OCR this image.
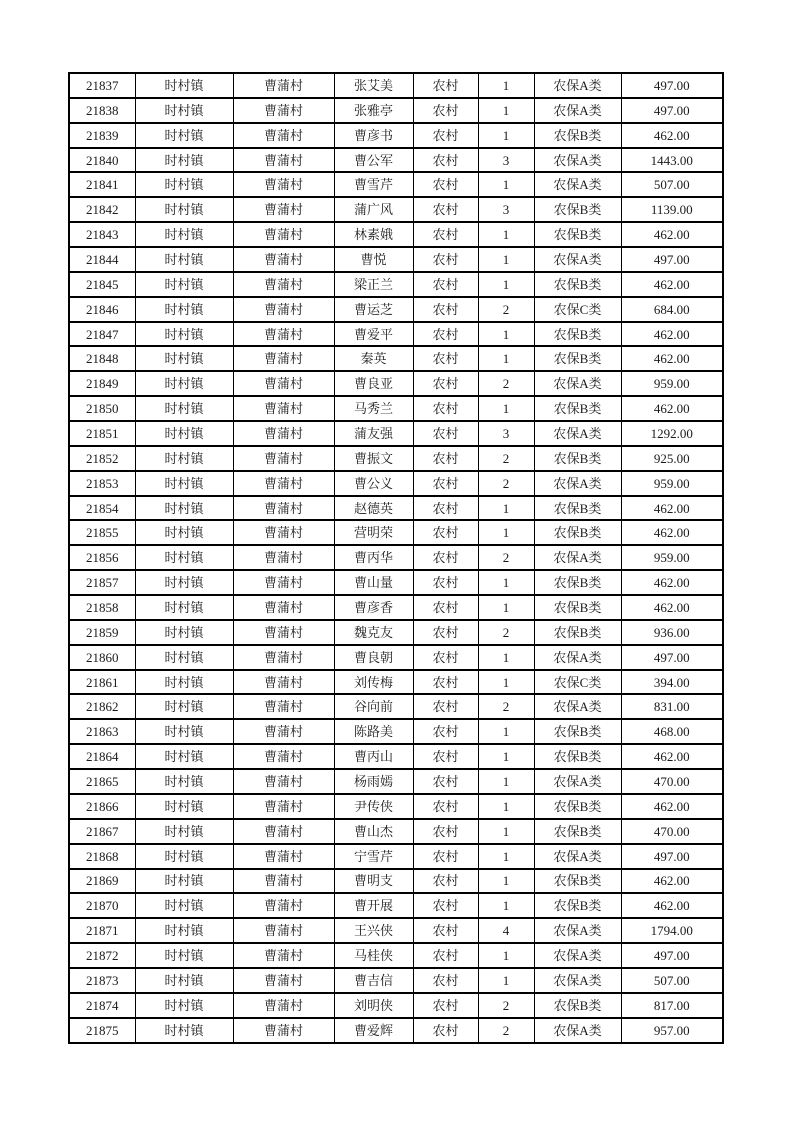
21837	时村镇	曹蒲村	张艾美	农村	1	农保A类	497.00
21838	时村镇	曹蒲村	张雅亭	农村	1	农保A类	497.00
21839	时村镇	曹蒲村	曹彦书	农村	1	农保B类	462.00
21840	时村镇	曹蒲村	曹公军	农村	3	农保A类	1443.00
21841	时村镇	曹蒲村	曹雪芹	农村	1	农保A类	507.00
21842	时村镇	曹蒲村	蒲广风	农村	3	农保B类	1139.00
21843	时村镇	曹蒲村	林素娥	农村	1	农保B类	462.00
21844	时村镇	曹蒲村	曹悦	农村	1	农保A类	497.00
21845	时村镇	曹蒲村	梁正兰	农村	1	农保B类	462.00
21846	时村镇	曹蒲村	曹运芝	农村	2	农保C类	684.00
21847	时村镇	曹蒲村	曹爱平	农村	1	农保B类	462.00
21848	时村镇	曹蒲村	秦英	农村	1	农保B类	462.00
21849	时村镇	曹蒲村	曹良亚	农村	2	农保A类	959.00
21850	时村镇	曹蒲村	马秀兰	农村	1	农保B类	462.00
21851	时村镇	曹蒲村	蒲友强	农村	3	农保A类	1292.00
21852	时村镇	曹蒲村	曹振文	农村	2	农保B类	925.00
21853	时村镇	曹蒲村	曹公义	农村	2	农保A类	959.00
21854	时村镇	曹蒲村	赵德英	农村	1	农保B类	462.00
21855	时村镇	曹蒲村	营明荣	农村	1	农保B类	462.00
21856	时村镇	曹蒲村	曹丙华	农村	2	农保A类	959.00
21857	时村镇	曹蒲村	曹山量	农村	1	农保B类	462.00
21858	时村镇	曹蒲村	曹彦香	农村	1	农保B类	462.00
21859	时村镇	曹蒲村	魏克友	农村	2	农保B类	936.00
21860	时村镇	曹蒲村	曹良朝	农村	1	农保A类	497.00
21861	时村镇	曹蒲村	刘传梅	农村	1	农保C类	394.00
21862	时村镇	曹蒲村	谷向前	农村	2	农保A类	831.00
21863	时村镇	曹蒲村	陈路美	农村	1	农保B类	468.00
21864	时村镇	曹蒲村	曹丙山	农村	1	农保B类	462.00
21865	时村镇	曹蒲村	杨雨嫣	农村	1	农保A类	470.00
21866	时村镇	曹蒲村	尹传侠	农村	1	农保B类	462.00
21867	时村镇	曹蒲村	曹山杰	农村	1	农保B类	470.00
21868	时村镇	曹蒲村	宁雪芹	农村	1	农保A类	497.00
21869	时村镇	曹蒲村	曹明支	农村	1	农保B类	462.00
21870	时村镇	曹蒲村	曹开展	农村	1	农保B类	462.00
21871	时村镇	曹蒲村	王兴侠	农村	4	农保A类	1794.00
21872	时村镇	曹蒲村	马桂侠	农村	1	农保A类	497.00
21873	时村镇	曹蒲村	曹吉信	农村	1	农保A类	507.00
21874	时村镇	曹蒲村	刘明侠	农村	2	农保B类	817.00
21875	时村镇	曹蒲村	曹爱辉	农村	2	农保A类	957.00
